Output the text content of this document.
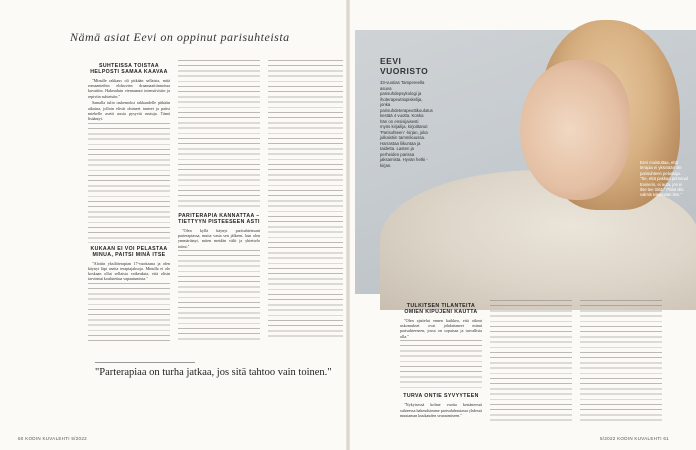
Nämä asiat Eevi on oppinut parisuhteista
SUHTEISSA TOISTAA HELPOSTI SAMAA KAAVAA

"Minulle rakkaus oli pitkään sellaista, mitä romaanteihin elokuvien draamaattiinnoissa kuvattiin. Hakeuduin viennaanoi intensiivisiin ja repiviin suhteisiin."

Samalla tulin taskemoksi rakkaudelle pitkään aikoina, jolloin elivät ohimeet tunteet ja paitsi miehelle asetti uusia pysyviä ruutuja. Tämä lisääntyi.

KUKAAN EI VOI PELASTAA MINUA, PAITSI MINÄ ITSE

"Aloitin yksilöterapian 17-vuotiaana ja olen käynyt läpi useita terapiajaksoja. Minulla ei ole koskaan ollut sellaisia vaikeuksia, että olisin tarvinnut koulutettua vapautumista."

PARITERAPIA KANNATTAA – TIETTYYN PISTEESEEN ASTI

"Olen kyllä käynyt parisuhteissani parterapiassa, mutta vasta sen jälkeen, kun olen ymmärtänyt, miten meidän välit ja yhteiselo toimi."

"Parterapiaa on turha jatkaa, jos sitä tahtoo vain toinen."
60 KODIN KUVALEHTI 5/2022
EEVI
VUORISTO
33-vuotias Tampereella asuva parisuhdepsykologi ja ihoterapeuttiopiskelija, jonka parisuhdeterapeuttikoulutus kestää 4 vuotta. Koska hän on ensisijaisesti myös kirjailija, kirjoittanut 'Parisuhteen' -kirjan, joka julkaistiin tammikuussa. Harrastaa liikuntaa ja taidetta. Lasten ja perheiden parissa jaksamista. Hyvän hetki -kirjan.	Eevi muistuttaa, että terapia ei yksinään ole parisuhteen pelastaja. "Se, että pakkaa personal trainerin, ei auta, jos ei itse tee töitä." Pitää olla valmis tekemään itse."
TULKITSEN TILANTEITA OMIEN KIPUJENI KAUTTA

"Olen ajattelut ennen kaikkea, että oikeat uskomukset ovat johdattaneet minut parisuhteeseen, jossa on sopuisaa ja turvallista olla."

TURVA ONTIE SYVYYTEEN

"Nykyisessä kolme vuotta kestäneessä suhteessa hakeuduimme parisuhdeasiassa yhdessä muutaman kuukauden seuraamiseen."

5/2022 KODIN KUVALEHTI 61
